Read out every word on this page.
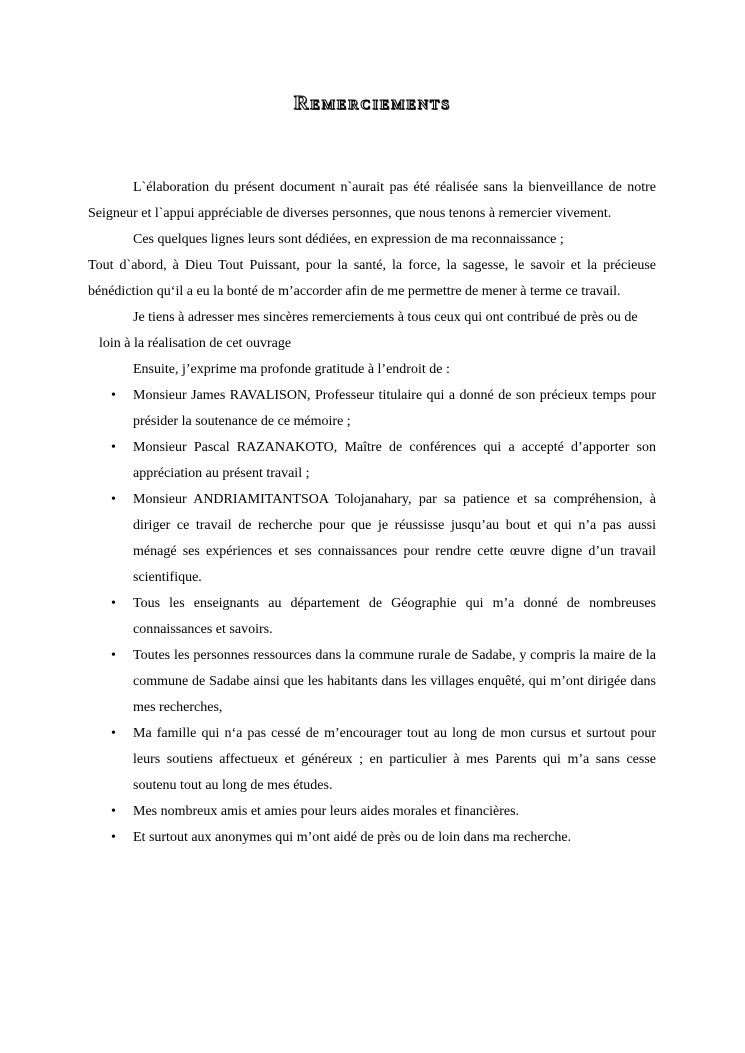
Remerciements

L`élaboration du présent document n`aurait pas été réalisée sans la bienveillance de notre Seigneur et l`appui appréciable de diverses personnes, que nous tenons à remercier vivement.

Ces quelques lignes leurs sont dédiées, en expression de ma reconnaissance ;

Tout d`abord, à Dieu Tout Puissant, pour la santé, la force, la sagesse, le savoir et la précieuse bénédiction qu‘il a eu la bonté de m’accorder afin de me permettre de mener à terme ce travail.

Je tiens à adresser mes sincères remerciements à tous ceux qui ont contribué de près ou de loin à la réalisation de cet ouvrage

Ensuite, j’exprime ma profonde gratitude à l’endroit de :

• Monsieur James RAVALISON, Professeur titulaire qui a donné de son précieux temps pour présider la soutenance de ce mémoire ;
• Monsieur Pascal RAZANAKOTO, Maître de conférences qui a accepté d’apporter son appréciation au présent travail ;
• Monsieur ANDRIAMITANTSOA Tolojanahary, par sa patience et sa compréhension, à diriger ce travail de recherche pour que je réussisse jusqu’au bout et qui n’a pas aussi ménagé ses expériences et ses connaissances pour rendre cette œuvre digne d’un travail scientifique.
• Tous les enseignants au département de Géographie qui m’a donné de nombreuses connaissances et savoirs.
• Toutes les personnes ressources dans la commune rurale de Sadabe, y compris la maire de la commune de Sadabe ainsi que les habitants dans les villages enquêté, qui m’ont dirigée dans mes recherches,
• Ma famille qui n‘a pas cessé de m’encourager tout au long de mon cursus et surtout pour leurs soutiens affectueux et généreux ; en particulier à mes Parents qui m’a sans cesse soutenu tout au long de mes études.
• Mes nombreux amis et amies pour leurs aides morales et financières.
• Et surtout aux anonymes qui m’ont aidé de près ou de loin dans ma recherche.
